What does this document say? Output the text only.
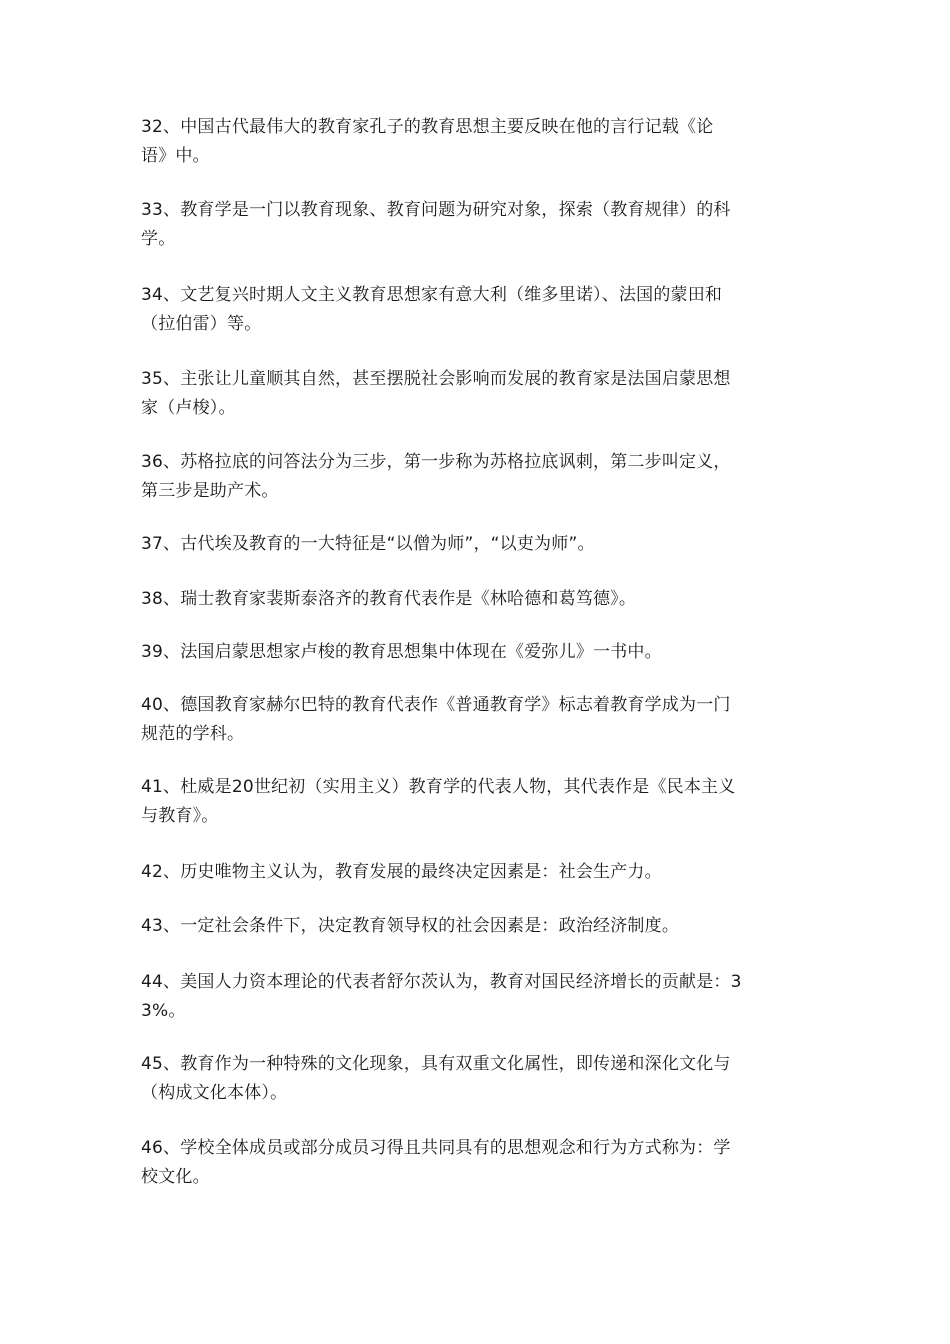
32、中国古代最伟大的教育家孔子的教育思想主要反映在他的言行记载《论
语》中。

33、教育学是一门以教育现象、教育问题为研究对象，探索（教育规律）的科
学。

34、文艺复兴时期人文主义教育思想家有意大利（维多里诺）、法国的蒙田和
（拉伯雷）等。

35、主张让儿童顺其自然，甚至摆脱社会影响而发展的教育家是法国启蒙思想
家（卢梭）。

36、苏格拉底的问答法分为三步，第一步称为苏格拉底讽刺，第二步叫定义，
第三步是助产术。

37、古代埃及教育的一大特征是“以僧为师”，“以吏为师”。

38、瑞士教育家裴斯泰洛齐的教育代表作是《林哈德和葛笃德》。

39、法国启蒙思想家卢梭的教育思想集中体现在《爱弥儿》一书中。

40、德国教育家赫尔巴特的教育代表作《普通教育学》标志着教育学成为一门
规范的学科。

41、杜威是20世纪初（实用主义）教育学的代表人物，其代表作是《民本主义
与教育》。

42、历史唯物主义认为，教育发展的最终决定因素是：社会生产力。

43、一定社会条件下，决定教育领导权的社会因素是：政治经济制度。

44、美国人力资本理论的代表者舒尔茨认为，教育对国民经济增长的贡献是：3
3%。

45、教育作为一种特殊的文化现象，具有双重文化属性，即传递和深化文化与
（构成文化本体）。

46、学校全体成员或部分成员习得且共同具有的思想观念和行为方式称为：学
校文化。
